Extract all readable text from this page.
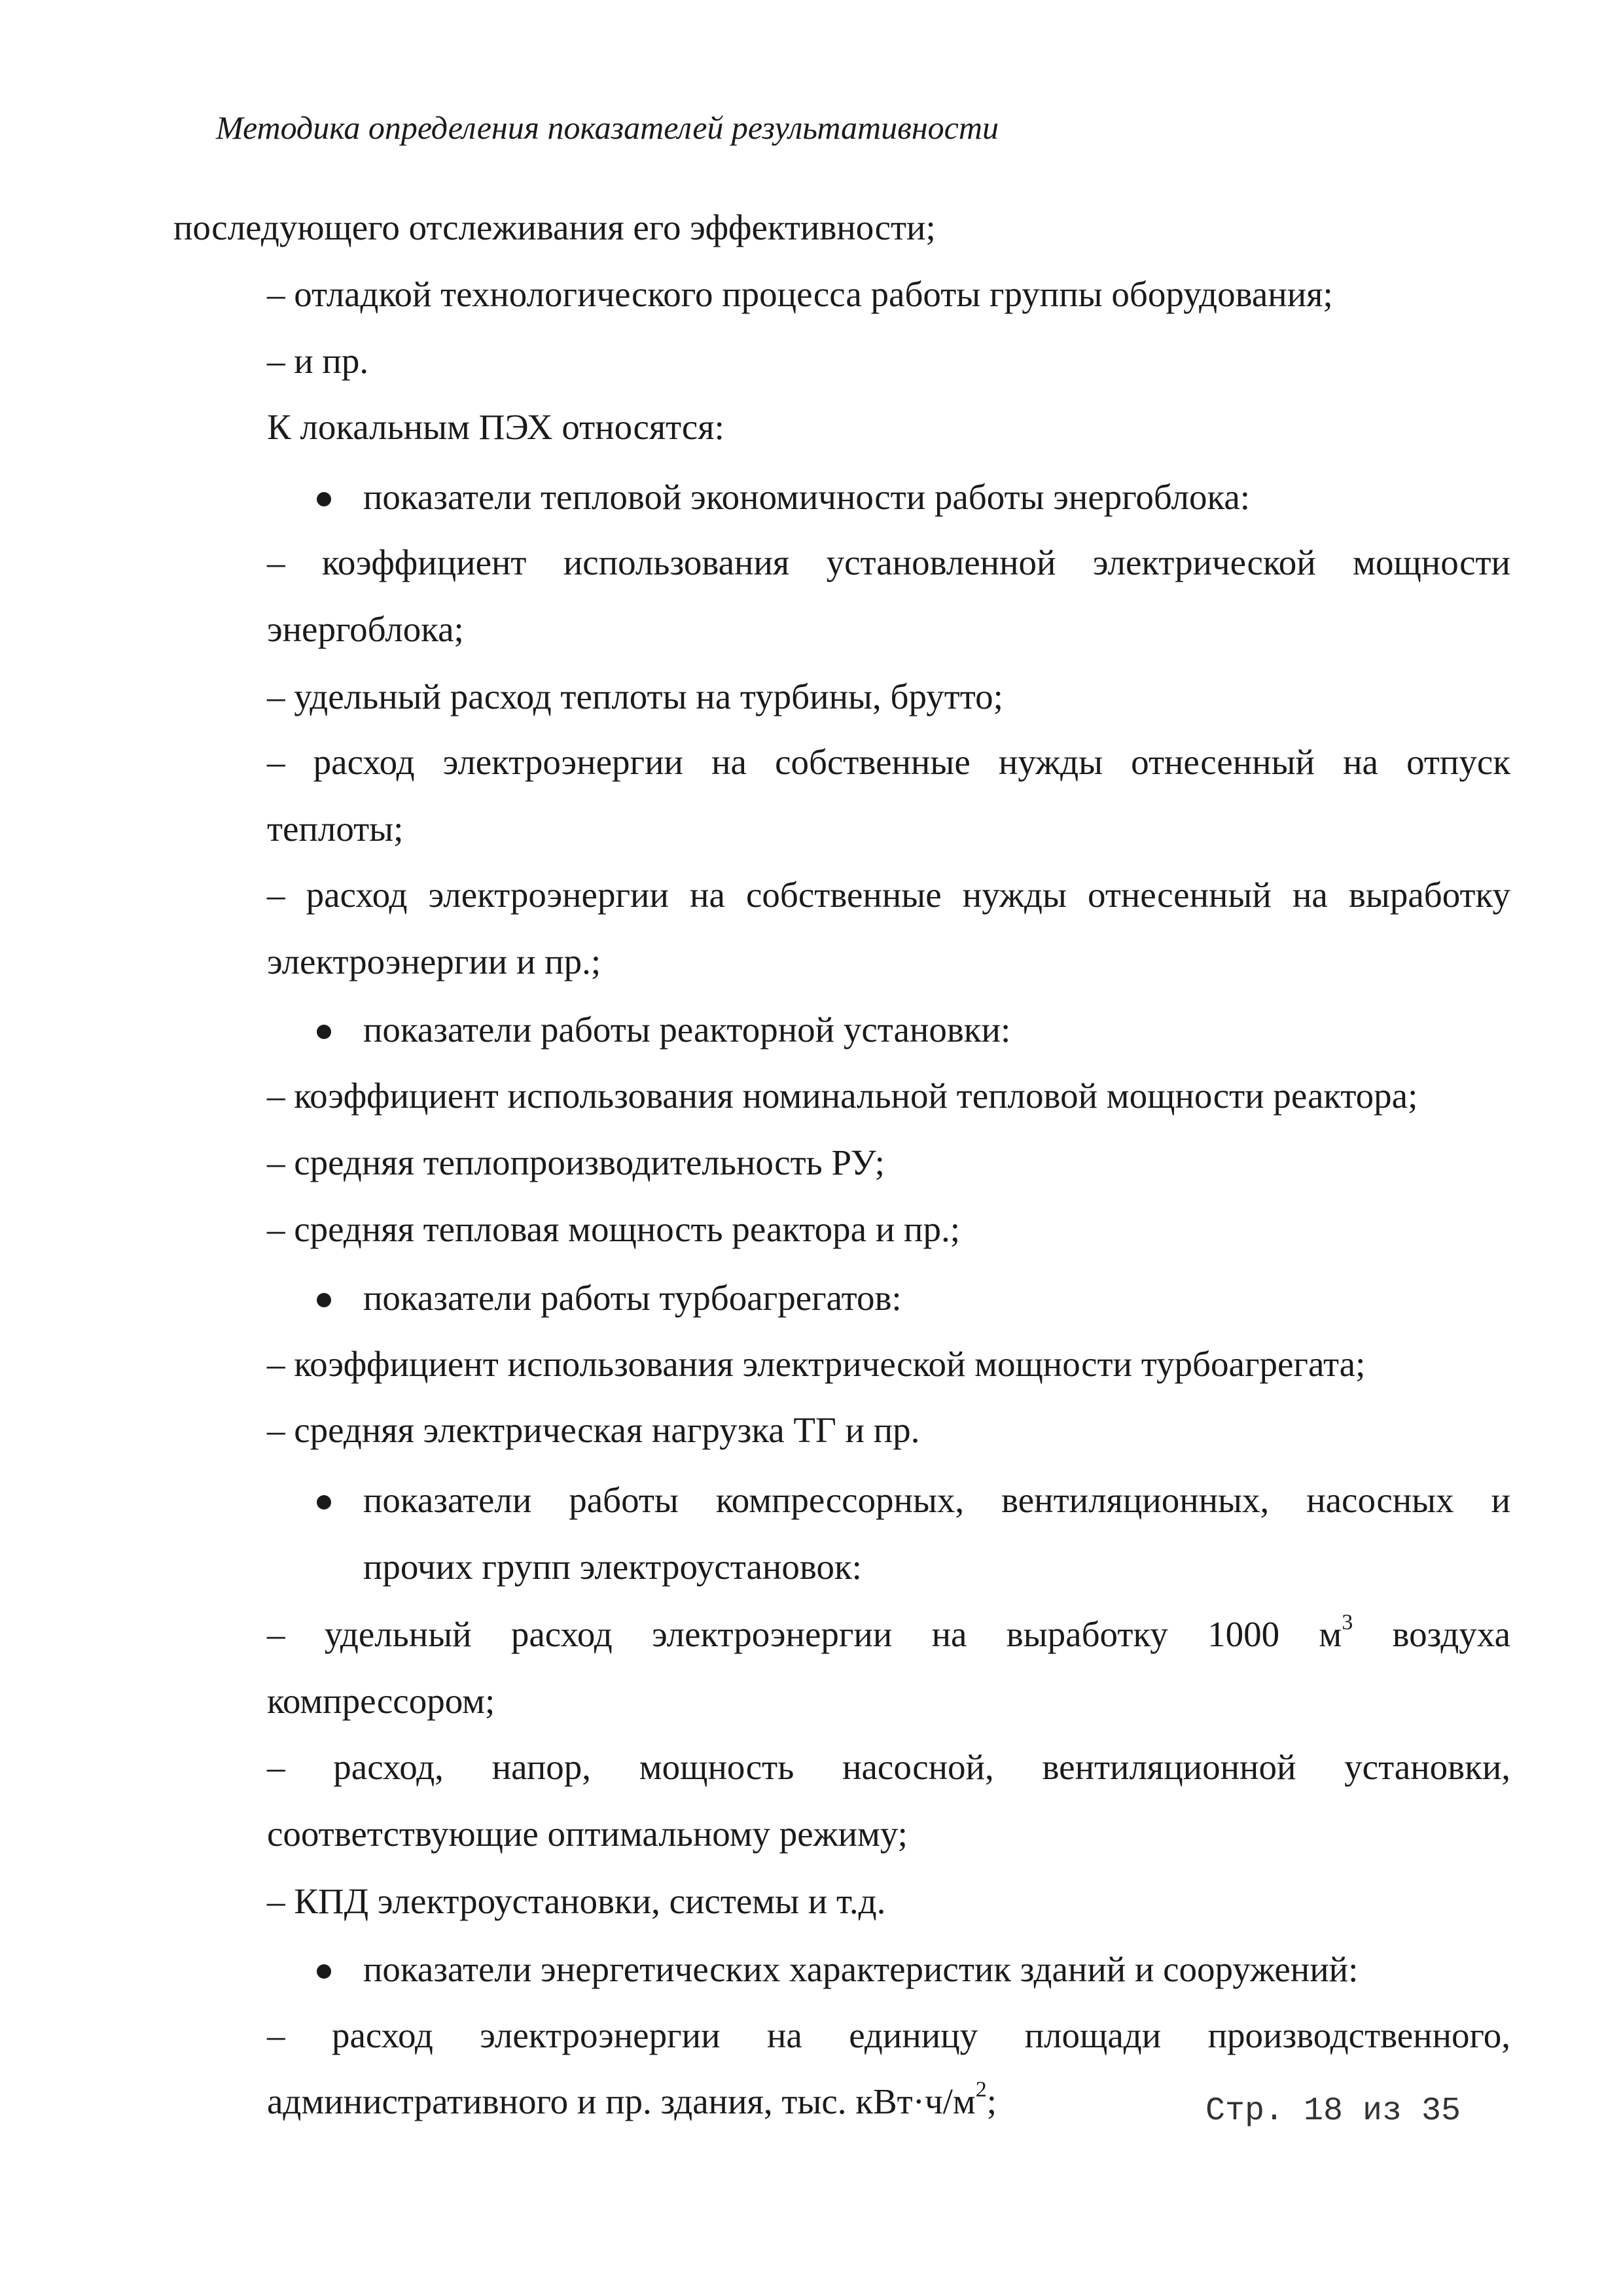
Методика определения показателей результативности
последующего отслеживания его эффективности;
– отладкой технологического процесса работы группы оборудования;
– и пр.
К локальным ПЭХ относятся:
показатели тепловой экономичности работы энергоблока:
– коэффициент использования установленной электрической мощности
энергоблока;
– удельный расход теплоты на турбины, брутто;
– расход электроэнергии на собственные нужды отнесенный на отпуск
теплоты;
– расход электроэнергии на собственные нужды отнесенный на выработку
электроэнергии и пр.;
показатели работы реакторной установки:
– коэффициент использования номинальной тепловой мощности реактора;
– средняя теплопроизводительность РУ;
– средняя тепловая мощность реактора и пр.;
показатели работы турбоагрегатов:
– коэффициент использования электрической мощности турбоагрегата;
– средняя электрическая нагрузка ТГ и пр.
показатели работы компрессорных, вентиляционных, насосных и
прочих групп электроустановок:
– удельный расход электроэнергии на выработку 1000 $м^3$ воздуха
компрессором;
– расход, напор, мощность насосной, вентиляционной установки,
соответствующие оптимальному режиму;
– КПД электроустановки, системы и т.д.
показатели энергетических характеристик зданий и сооружений:
– расход электроэнергии на единицу площади производственного,
административного и пр. здания, тыс. $кВт\cdot ч/м^2$;	Стр. 18 из 35
